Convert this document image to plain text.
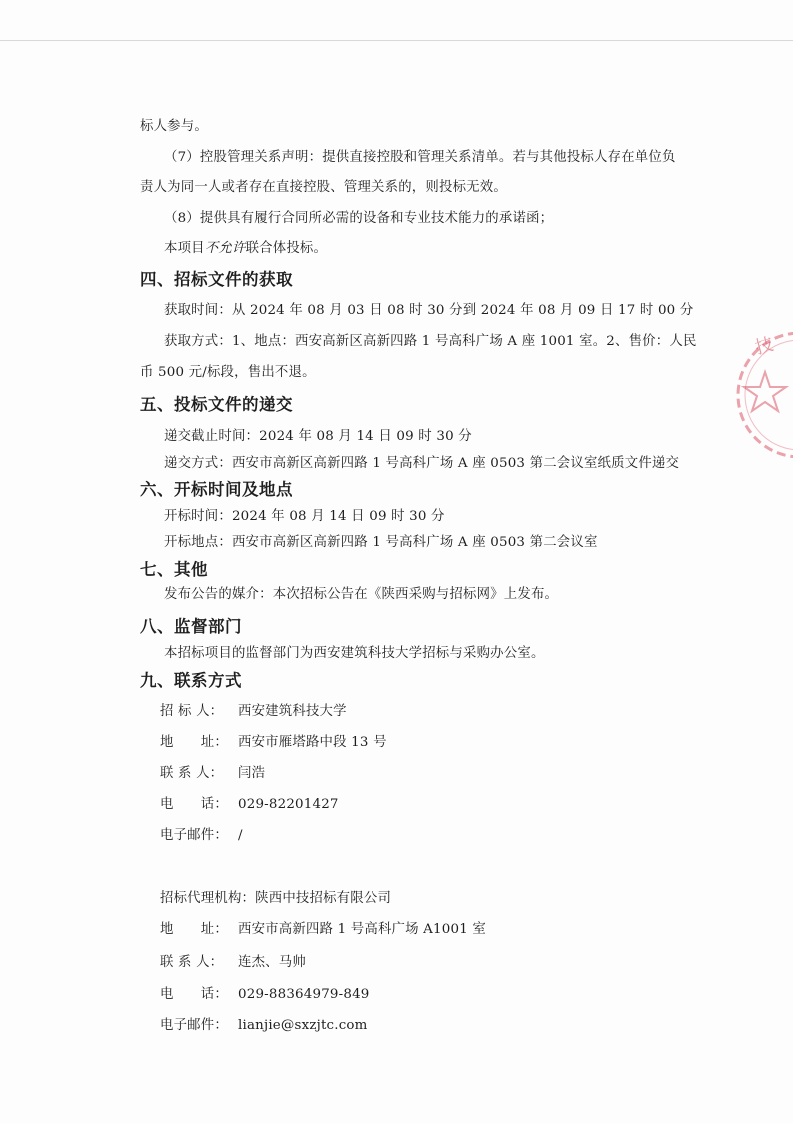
标人参与。
（7）控股管理关系声明：提供直接控股和管理关系清单。若与其他投标人存在单位负
责人为同一人或者存在直接控股、管理关系的，则投标无效。
（8）提供具有履行合同所必需的设备和专业技术能力的承诺函；
本项目不允许联合体投标。
四、招标文件的获取
获取时间：从 2024 年 08 月 03 日 08 时 30 分到 2024 年 08 月 09 日 17 时 00 分
获取方式：1、地点：西安高新区高新四路 1 号高科广场 A 座 1001 室。2、售价：人民
币 500 元/标段，售出不退。
五、投标文件的递交
递交截止时间：2024 年 08 月 14 日 09 时 30 分
递交方式：西安市高新区高新四路 1 号高科广场 A 座 0503 第二会议室纸质文件递交
六、开标时间及地点
开标时间：2024 年 08 月 14 日 09 时 30 分
开标地点：西安市高新区高新四路 1 号高科广场 A 座 0503 第二会议室
七、其他
发布公告的媒介：本次招标公告在《陕西采购与招标网》上发布。
八、监督部门
本招标项目的监督部门为西安建筑科技大学招标与采购办公室。
九、联系方式
招 标 人： 西安建筑科技大学
地　　址： 西安市雁塔路中段 13 号
联 系 人： 闫浩
电　　话： 029-82201427
电子邮件： /
招标代理机构：陕西中技招标有限公司
地　　址： 西安市高新四路 1 号高科广场 A1001 室
联 系 人： 连杰、马帅
电　　话： 029-88364979-849
电子邮件： lianjie@sxzjtc.com
技
